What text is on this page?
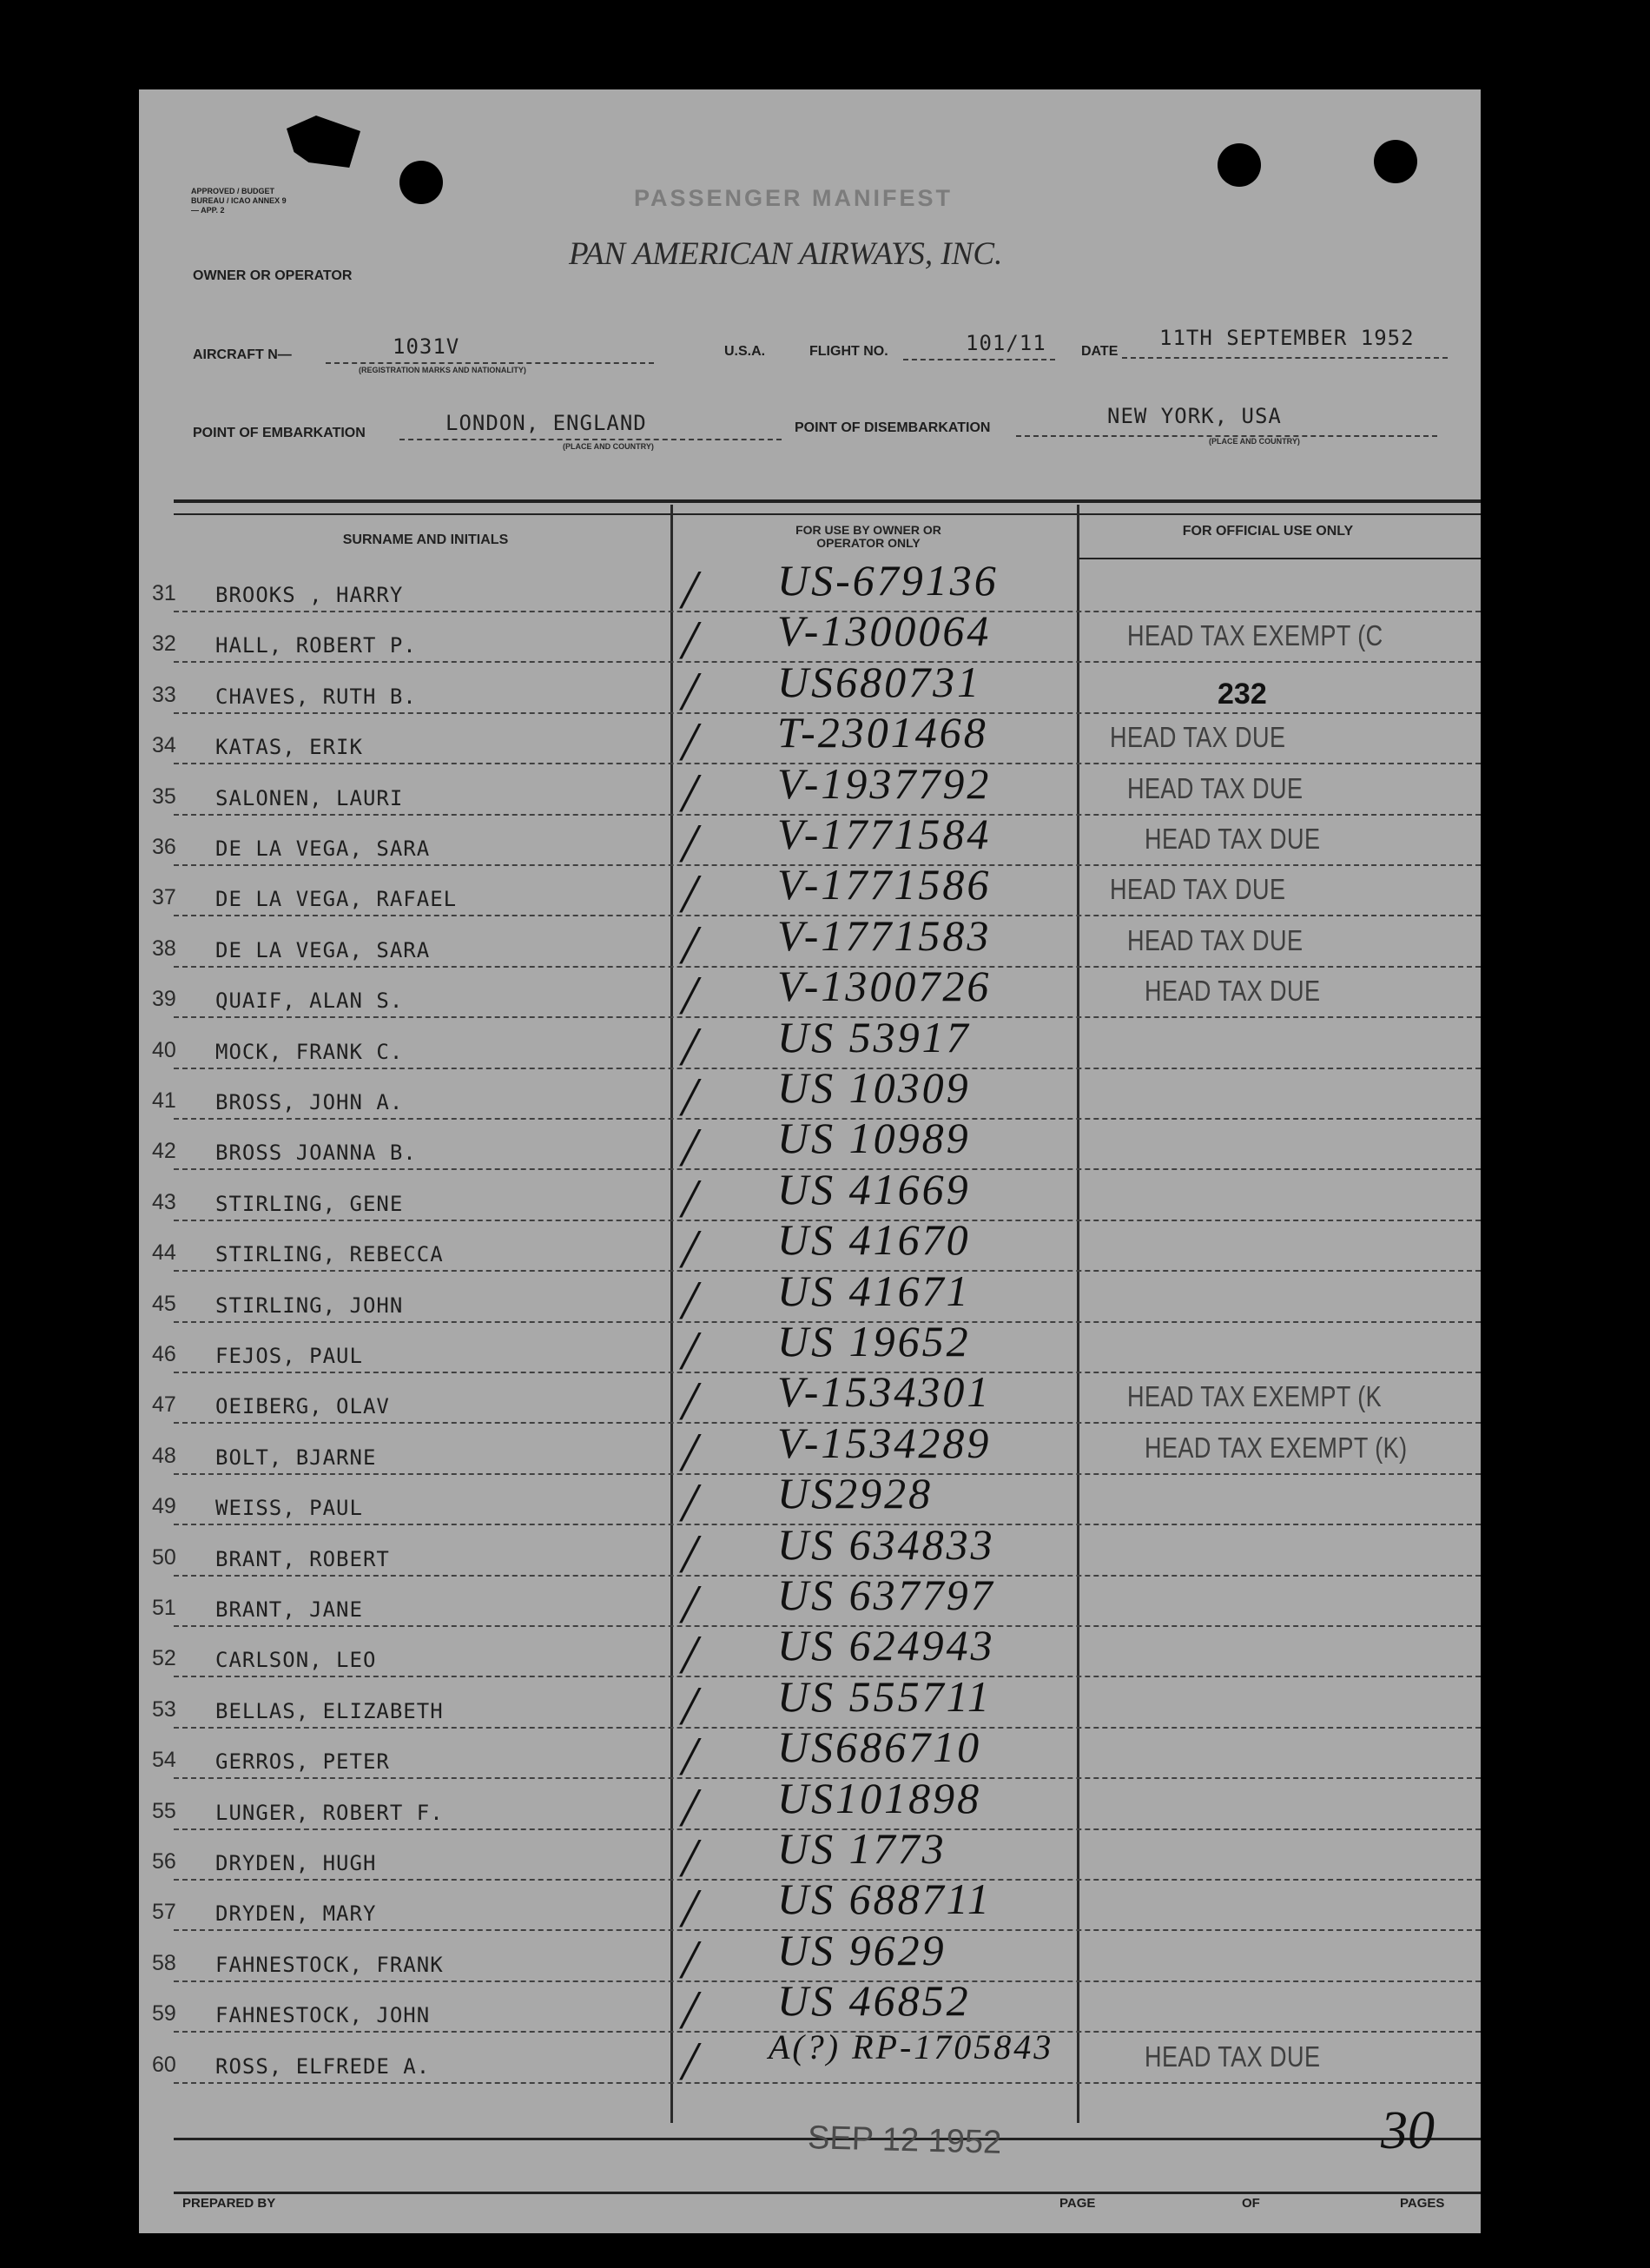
APPROVED / BUDGET BUREAU / ICAO ANNEX 9 — APP. 2	PASSENGER MANIFEST
PAN AMERICAN AIRWAYS, INC.
OWNER OR OPERATOR
AIRCRAFT N—	1031V
(REGISTRATION MARKS AND NATIONALITY)
U.S.A.	FLIGHT NO.	101/11	DATE
11TH SEPTEMBER 1952
POINT OF EMBARKATION	LONDON, ENGLAND
(PLACE AND COUNTRY)
POINT OF DISEMBARKATION	NEW YORK, USA
(PLACE AND COUNTRY)
SURNAME AND INITIALS
FOR USE BY OWNER OR OPERATOR ONLY
FOR OFFICIAL USE ONLY
31 BROOKS , HARRY	/ US-679136
32 HALL, ROBERT P.	/ V-1300064	HEAD TAX EXEMPT (C
33 CHAVES, RUTH B.	/ US680731	232
34 KATAS, ERIK	/ T-2301468	HEAD TAX DUE
35 SALONEN, LAURI	/ V-1937792	HEAD TAX DUE
36 DE LA VEGA, SARA	/ V-1771584	HEAD TAX DUE
37 DE LA VEGA, RAFAEL	/ V-1771586	HEAD TAX DUE
38 DE LA VEGA, SARA	/ V-1771583	HEAD TAX DUE
39 QUAIF, ALAN S.	/ V-1300726	HEAD TAX DUE
40 MOCK, FRANK C.	/ US 53917
41 BROSS, JOHN A.	/ US 10309
42 BROSS JOANNA B.	/ US 10989
43 STIRLING, GENE	/ US 41669
44 STIRLING, REBECCA	/ US 41670
45 STIRLING, JOHN	/ US 41671
46 FEJOS, PAUL	/ US 19652
47 OEIBERG, OLAV	/ V-1534301	HEAD TAX EXEMPT (K
48 BOLT, BJARNE	/ V-1534289	HEAD TAX EXEMPT (K)
49 WEISS, PAUL	/ US2928
50 BRANT, ROBERT	/ US 634833
51 BRANT, JANE	/ US 637797
52 CARLSON, LEO	/ US 624943
53 BELLAS, ELIZABETH	/ US 555711
54 GERROS, PETER	/ US686710
55 LUNGER, ROBERT F.	/ US101898
56 DRYDEN, HUGH	/ US 1773
57 DRYDEN, MARY	/ US 688711
58 FAHNESTOCK, FRANK	/ US 9629
59 FAHNESTOCK, JOHN	/ US 46852
60 ROSS, ELFREDE A.	/ A(?) RP-1705843	HEAD TAX DUE
SEP 12 1952	30
PREPARED BY	PAGE	OF	PAGES
